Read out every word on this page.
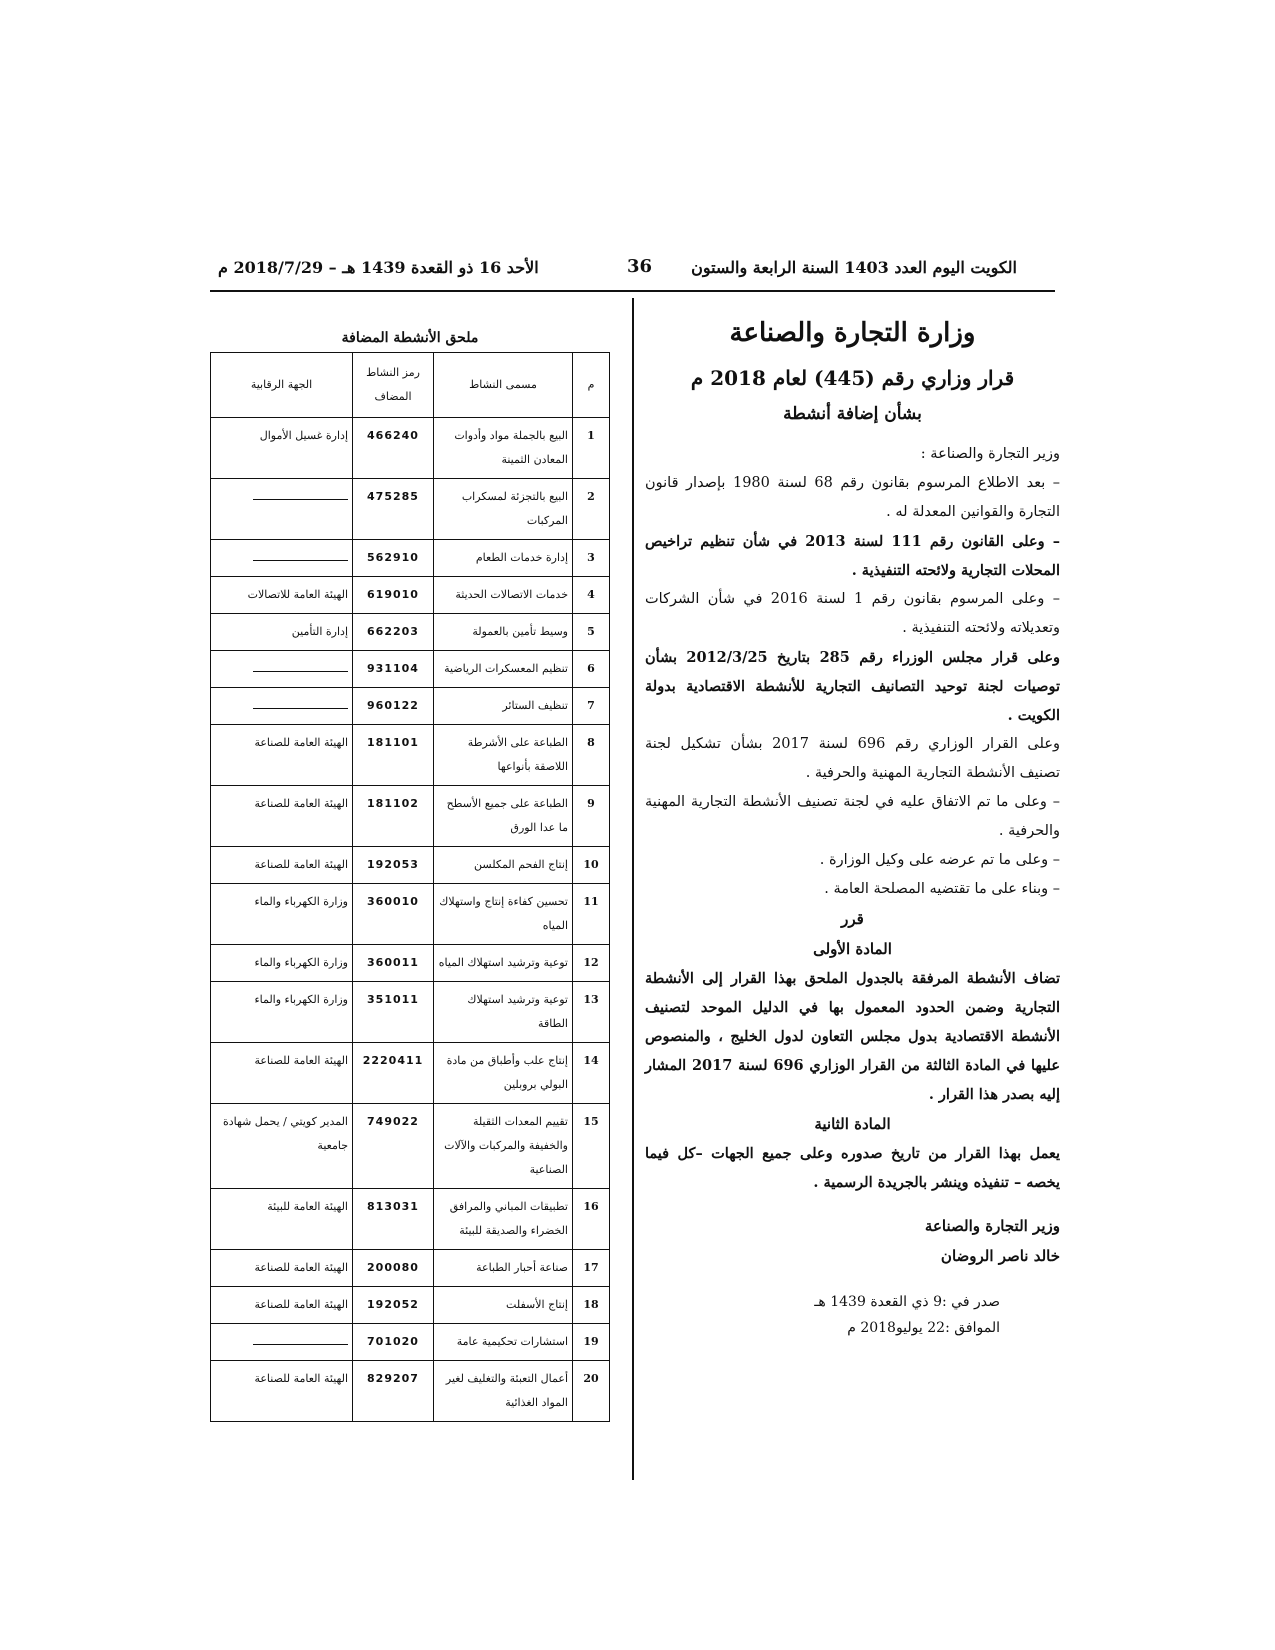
الكويت اليوم العدد 1403 السنة الرابعة والستون
36
الأحد 16 ذو القعدة 1439 هـ – 2018/7/29 م
وزارة التجارة والصناعة
قرار وزاري رقم (445) لعام 2018 م
بشأن إضافة أنشطة

وزير التجارة والصناعة :

– بعد الاطلاع المرسوم بقانون رقم 68 لسنة 1980 بإصدار قانون التجارة والقوانين المعدلة له .

– وعلى القانون رقم 111 لسنة 2013 في شأن تنظيم تراخيص المحلات التجارية ولائحته التنفيذية .

– وعلى المرسوم بقانون رقم 1 لسنة 2016 في شأن الشركات وتعديلاته ولائحته التنفيذية .

وعلى قرار مجلس الوزراء رقم 285 بتاريخ 2012/3/25 بشأن توصيات لجنة توحيد التصانيف التجارية للأنشطة الاقتصادية بدولة الكويت .

وعلى القرار الوزاري رقم 696 لسنة 2017 بشأن تشكيل لجنة تصنيف الأنشطة التجارية المهنية والحرفية .

– وعلى ما تم الاتفاق عليه في لجنة تصنيف الأنشطة التجارية المهنية والحرفية .

– وعلى ما تم عرضه على وكيل الوزارة .

– وبناء على ما تقتضيه المصلحة العامة .

قرر
المادة الأولى

تضاف الأنشطة المرفقة بالجدول الملحق بهذا القرار إلى الأنشطة التجارية وضمن الحدود المعمول بها في الدليل الموحد لتصنيف الأنشطة الاقتصادية بدول مجلس التعاون لدول الخليج ، والمنصوص عليها في المادة الثالثة من القرار الوزاري 696 لسنة 2017 المشار إليه بصدر هذا القرار .

المادة الثانية

يعمل بهذا القرار من تاريخ صدوره وعلى جميع الجهات –كل فيما يخصه – تنفيذه وينشر بالجريدة الرسمية .

وزير التجارة والصناعة
خالد ناصر الروضان
صدر في :9 ذي القعدة 1439 هـ
الموافق :22 يوليو2018 م
ملحق الأنشطة المضافة
م	مسمى النشاط	رمز النشاط المضاف	الجهة الرقابية
1	البيع بالجملة مواد وأدوات المعادن الثمينة	466240	إدارة غسيل الأموال
2	البيع بالتجزئة لمسكراب المركبات	475285	
3	إدارة خدمات الطعام	562910	
4	خدمات الاتصالات الحديثة	619010	الهيئة العامة للاتصالات
5	وسيط تأمين بالعمولة	662203	إدارة التأمين
6	تنظيم المعسكرات الرياضية	931104	
7	تنظيف الستائر	960122	
8	الطباعة على الأشرطة اللاصقة بأنواعها	181101	الهيئة العامة للصناعة
9	الطباعة على جميع الأسطح ما عدا الورق	181102	الهيئة العامة للصناعة
10	إنتاج الفحم المكلسن	192053	الهيئة العامة للصناعة
11	تحسين كفاءة إنتاج واستهلاك المياه	360010	وزارة الكهرباء والماء
12	توعية وترشيد استهلاك المياه	360011	وزارة الكهرباء والماء
13	توعية وترشيد استهلاك الطاقة	351011	وزارة الكهرباء والماء
14	إنتاج علب وأطباق من مادة البولي بروبلين	2220411	الهيئة العامة للصناعة
15	تقييم المعدات الثقيلة والخفيفة والمركبات والآلات الصناعية	749022	المدير كويتي / يحمل شهادة جامعية
16	تطبيقات المباني والمرافق الخضراء والصديقة للبيئة	813031	الهيئة العامة للبيئة
17	صناعة أحبار الطباعة	200080	الهيئة العامة للصناعة
18	إنتاج الأسفلت	192052	الهيئة العامة للصناعة
19	استشارات تحكيمية عامة	701020	
20	أعمال التعبئة والتغليف لغير المواد الغذائية	829207	الهيئة العامة للصناعة
